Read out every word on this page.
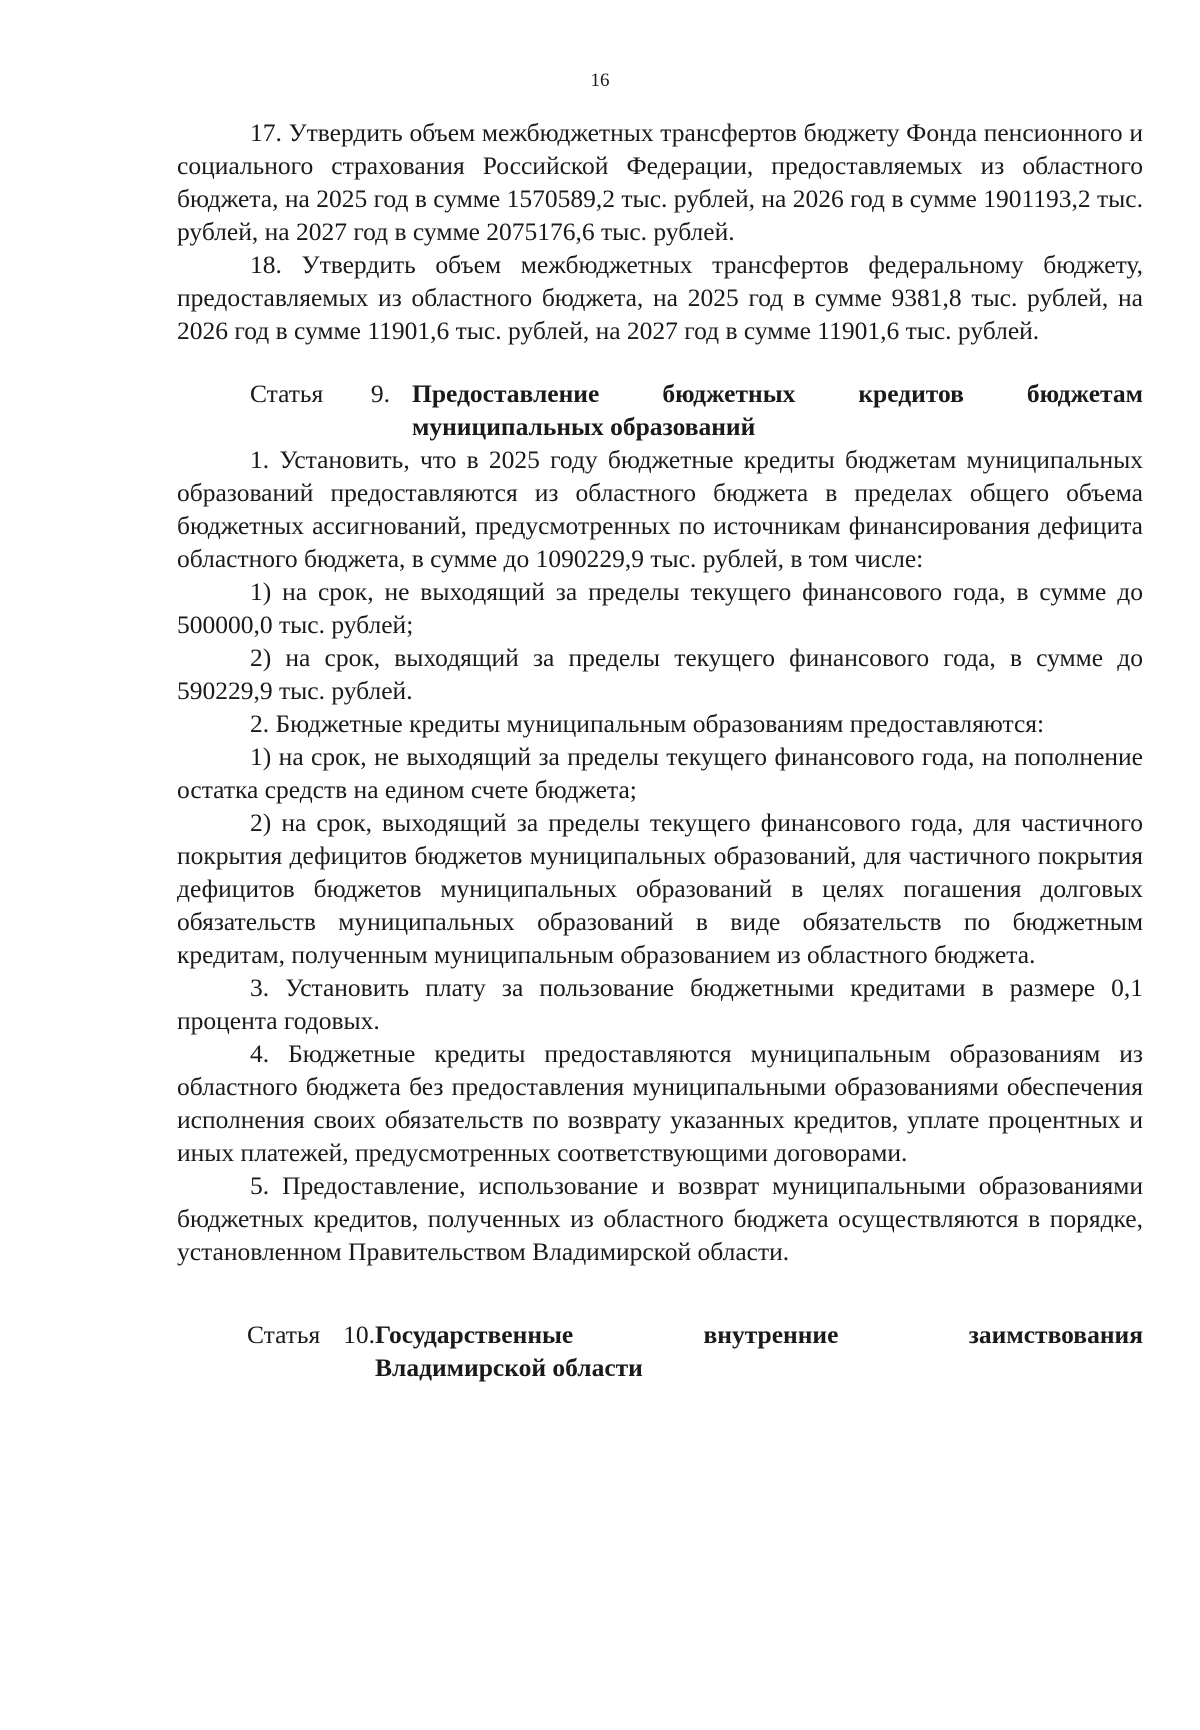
16

17. Утвердить объем межбюджетных трансфертов бюджету Фонда пенсионного и социального страхования Российской Федерации, предоставляемых из областного бюджета, на 2025 год в сумме 1570589,2 тыс. рублей, на 2026 год в сумме 1901193,2 тыс. рублей, на 2027 год в сумме 2075176,6 тыс. рублей.

18. Утвердить объем межбюджетных трансфертов федеральному бюджету, предоставляемых из областного бюджета, на 2025 год в сумме 9381,8 тыс. рублей, на 2026 год в сумме 11901,6 тыс. рублей, на 2027 год в сумме 11901,6 тыс. рублей.

Статья 9. Предоставление бюджетных кредитов бюджетам
муниципальных образований

1. Установить, что в 2025 году бюджетные кредиты бюджетам муниципальных образований предоставляются из областного бюджета в пределах общего объема бюджетных ассигнований, предусмотренных по источникам финансирования дефицита областного бюджета, в сумме до 1090229,9 тыс. рублей, в том числе:

1) на срок, не выходящий за пределы текущего финансового года, в сумме до 500000,0 тыс. рублей;

2) на срок, выходящий за пределы текущего финансового года, в сумме до 590229,9 тыс. рублей.

2. Бюджетные кредиты муниципальным образованиям предоставляются:

1) на срок, не выходящий за пределы текущего финансового года, на пополнение остатка средств на едином счете бюджета;

2) на срок, выходящий за пределы текущего финансового года, для частичного покрытия дефицитов бюджетов муниципальных образований, для частичного покрытия дефицитов бюджетов муниципальных образований в целях погашения долговых обязательств муниципальных образований в виде обязательств по бюджетным кредитам, полученным муниципальным образованием из областного бюджета.

3. Установить плату за пользование бюджетными кредитами в размере 0,1 процента годовых.

4. Бюджетные кредиты предоставляются муниципальным образованиям из областного бюджета без предоставления муниципальными образованиями обеспечения исполнения своих обязательств по возврату указанных кредитов, уплате процентных и иных платежей, предусмотренных соответствующими договорами.

5. Предоставление, использование и возврат муниципальными образованиями бюджетных кредитов, полученных из областного бюджета осуществляются в порядке, установленном Правительством Владимирской области.

Статья 10. Государственные внутренние заимствования
Владимирской области
